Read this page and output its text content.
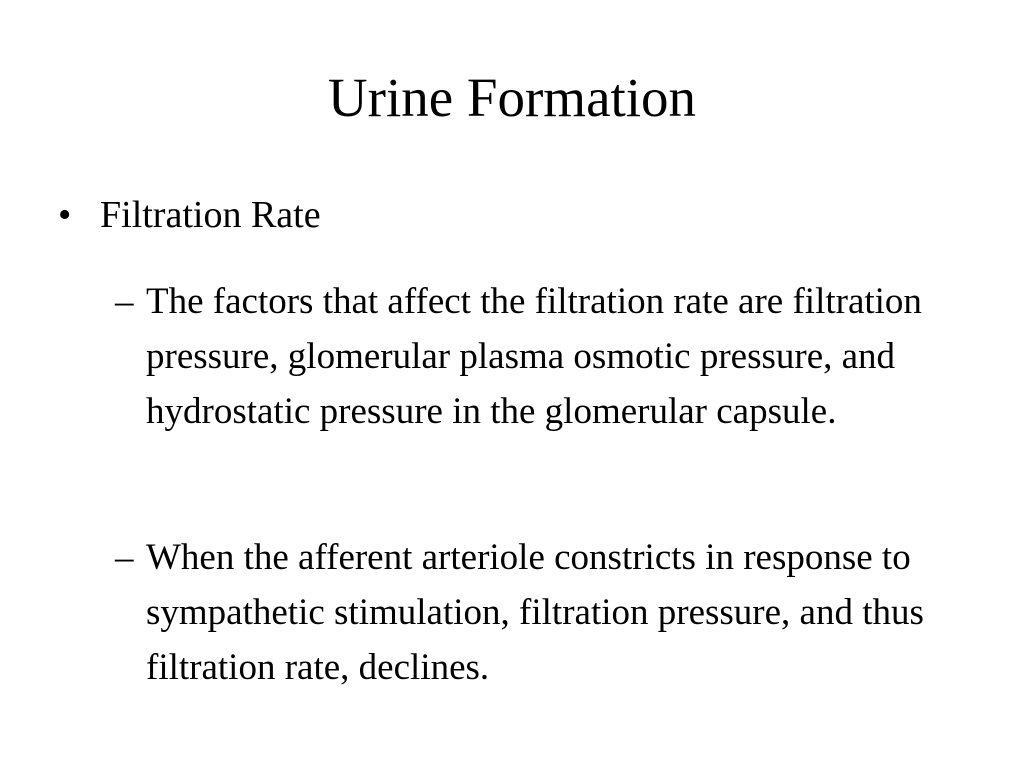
Urine Formation
• Filtration Rate
– The factors that affect the filtration rate are filtration pressure, glomerular plasma osmotic pressure, and hydrostatic pressure in the glomerular capsule.
– When the afferent arteriole constricts in response to sympathetic stimulation, filtration pressure, and thus filtration rate, declines.
